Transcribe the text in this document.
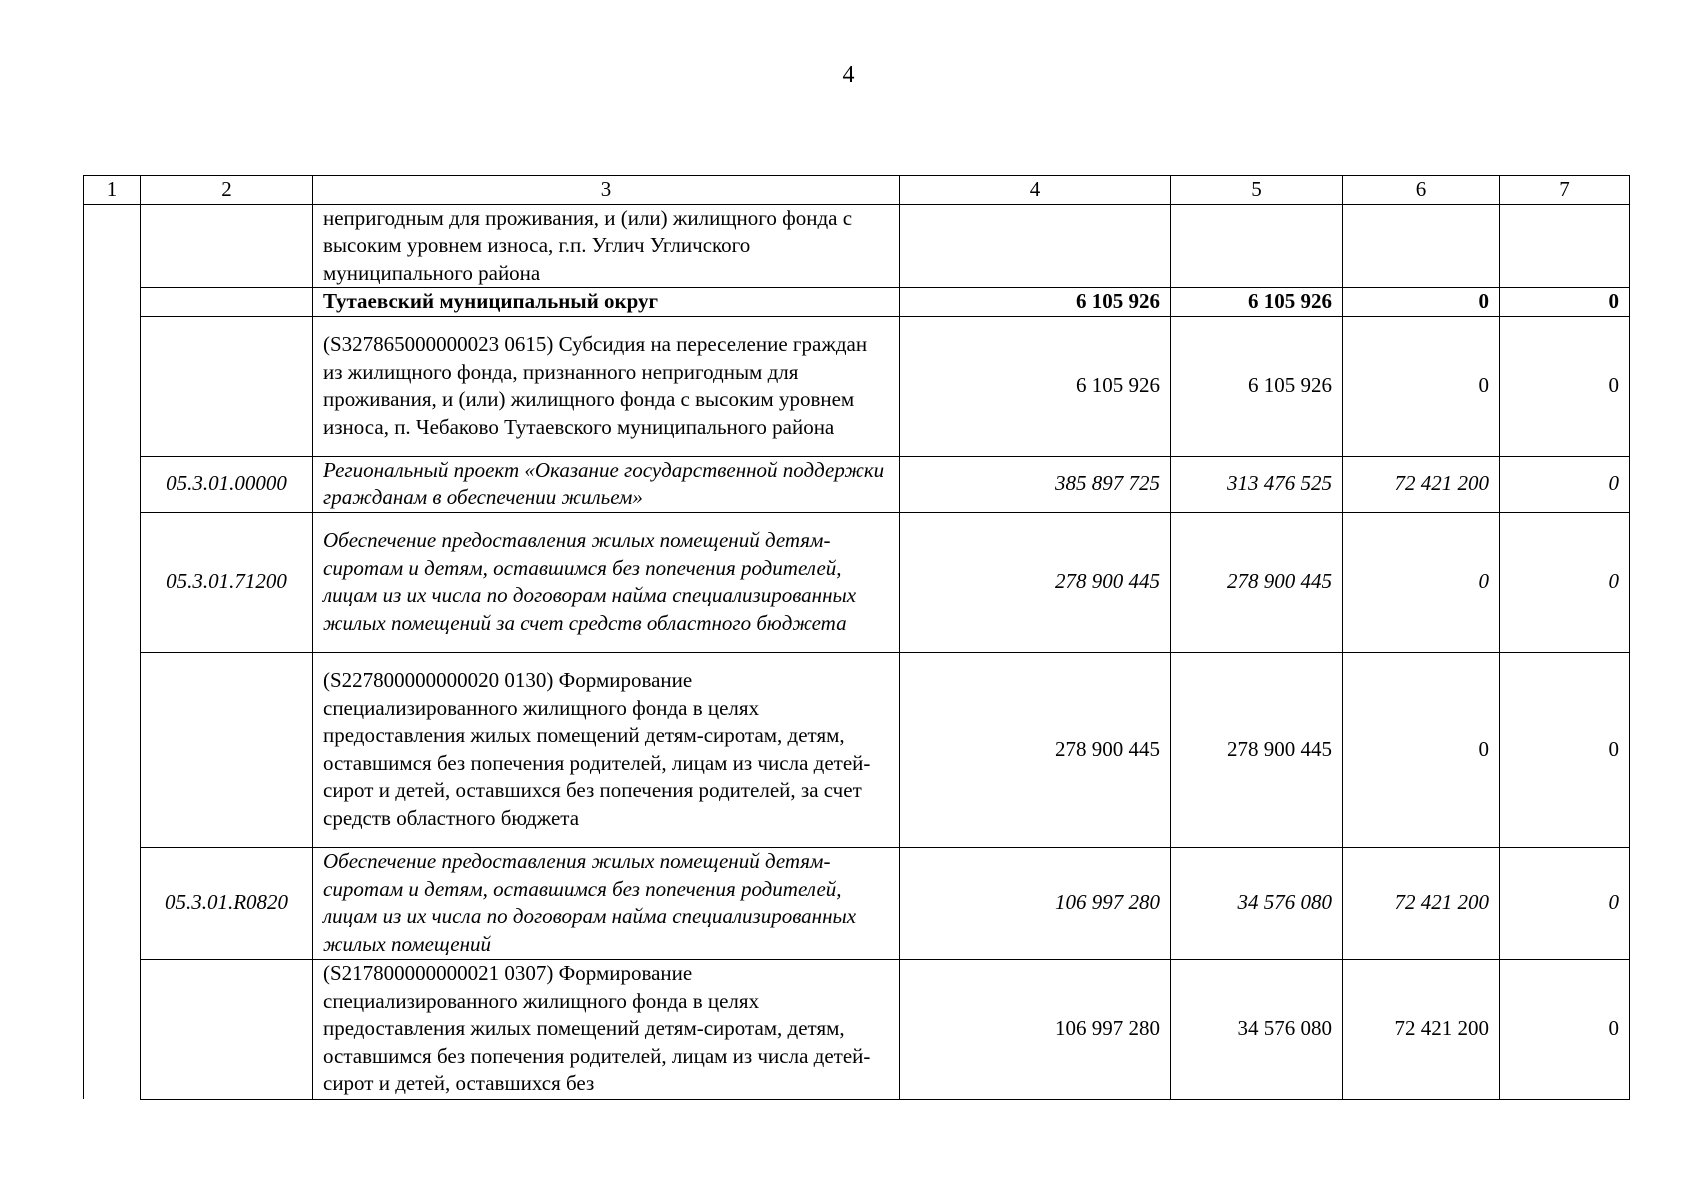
4
1	2	3	4	5	6	7
		непригодным для проживания, и (или) жилищного фонда с высоким уровнем износа, г.п. Углич Угличского муниципального района				
		Тутаевский муниципальный округ	6 105 926	6 105 926	0	0
		(S327865000000023 0615) Субсидия на переселение граждан из жилищного фонда, признанного непригодным для проживания, и (или) жилищного фонда с высоким уровнем износа, п. Чебаково Тутаевского муниципального района	6 105 926	6 105 926	0	0
	05.3.01.00000	Региональный проект «Оказание государственной поддержки гражданам в обеспечении жильем»	385 897 725	313 476 525	72 421 200	0
	05.3.01.71200	Обеспечение предоставления жилых помещений детям-сиротам и детям, оставшимся без попечения родителей, лицам из их числа по договорам найма специализированных жилых помещений за счет средств областного бюджета	278 900 445	278 900 445	0	0
		(S227800000000020 0130) Формирование специализированного жилищного фонда в целях предоставления жилых помещений детям-сиротам, детям, оставшимся без попечения родителей, лицам из числа детей-сирот и детей, оставшихся без попечения родителей, за счет средств областного бюджета	278 900 445	278 900 445	0	0
	05.3.01.R0820	Обеспечение предоставления жилых помещений детям-сиротам и детям, оставшимся без попечения родителей, лицам из их числа по договорам найма специализированных жилых помещений	106 997 280	34 576 080	72 421 200	0
		(S217800000000021 0307) Формирование специализированного жилищного фонда в целях предоставления жилых помещений детям-сиротам, детям, оставшимся без попечения родителей, лицам из числа детей-сирот и детей, оставшихся без	106 997 280	34 576 080	72 421 200	0
